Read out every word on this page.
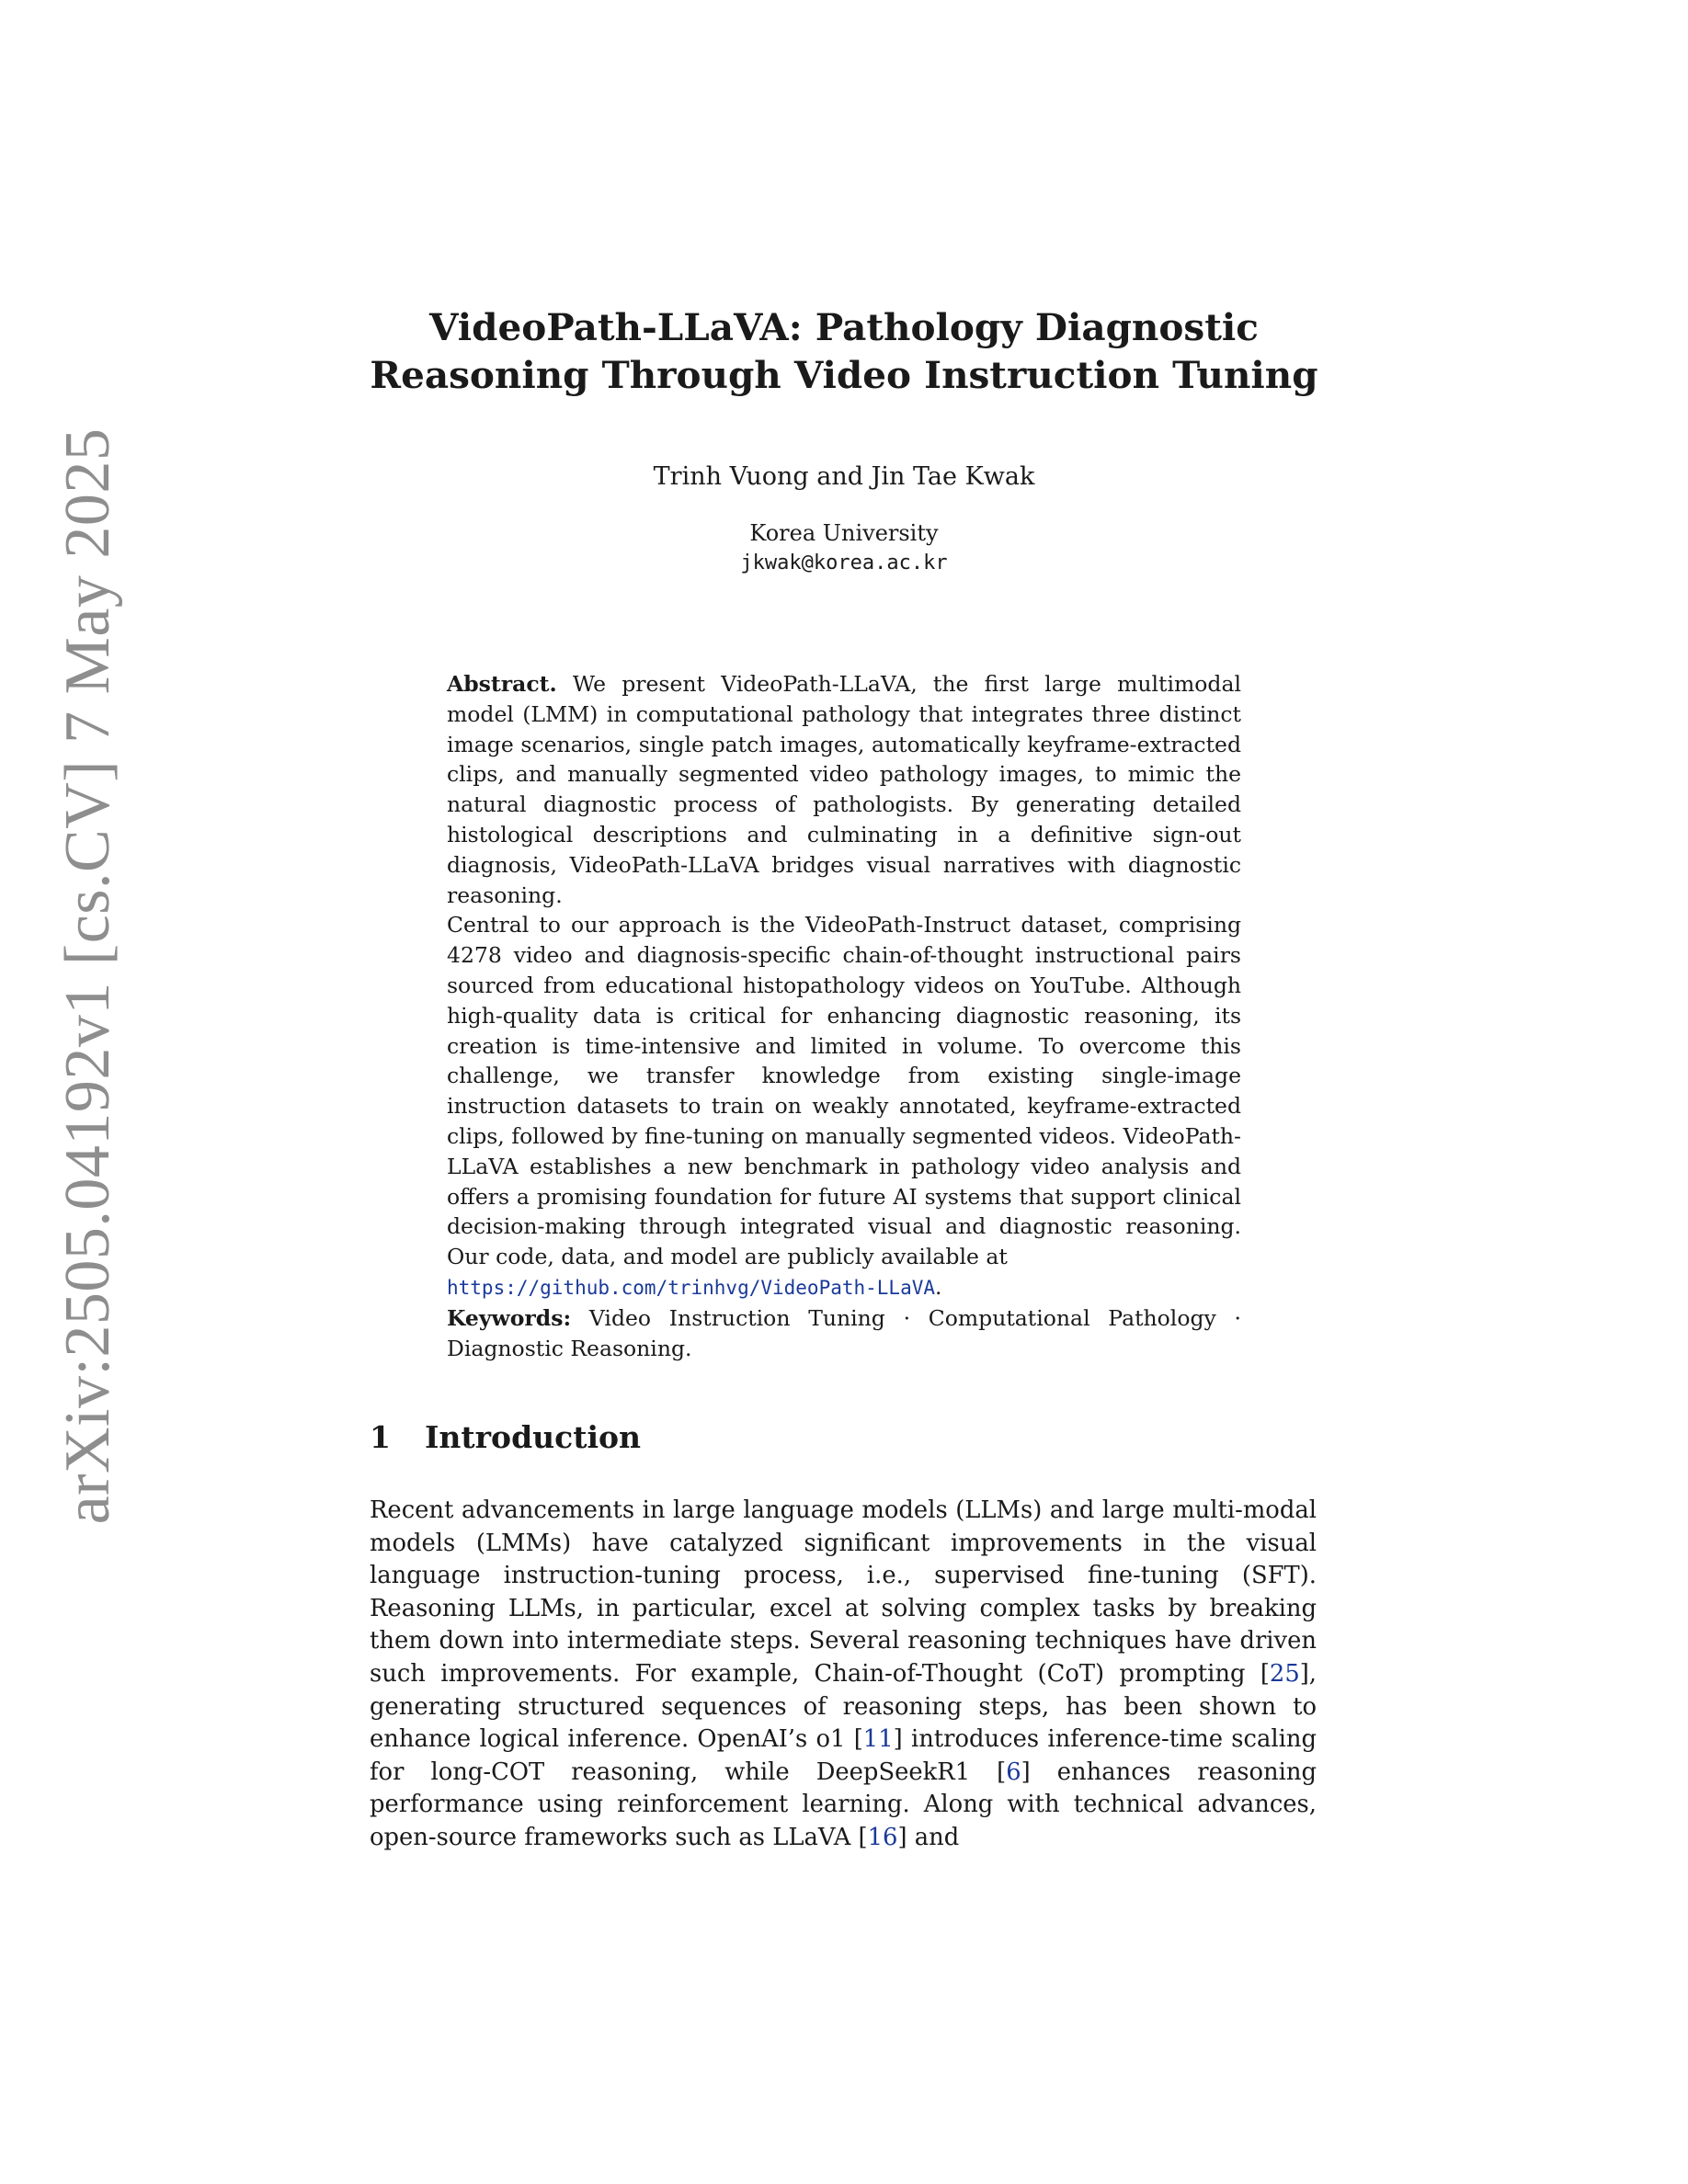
arXiv:2505.04192v1 [cs.CV] 7 May 2025
VideoPath-LLaVA: Pathology Diagnostic
Reasoning Through Video Instruction Tuning
Trinh Vuong and Jin Tae Kwak
Korea University
jkwak@korea.ac.kr

Abstract. We present VideoPath-LLaVA, the first large multimodal model (LMM) in computational pathology that integrates three distinct image scenarios, single patch images, automatically keyframe-extracted clips, and manually segmented video pathology images, to mimic the natural diagnostic process of pathologists. By generating detailed histological descriptions and culminating in a definitive sign-out diagnosis, VideoPath-LLaVA bridges visual narratives with diagnostic reasoning.

Central to our approach is the VideoPath-Instruct dataset, comprising 4278 video and diagnosis-specific chain-of-thought instructional pairs sourced from educational histopathology videos on YouTube. Although high-quality data is critical for enhancing diagnostic reasoning, its creation is time-intensive and limited in volume. To overcome this challenge, we transfer knowledge from existing single-image instruction datasets to train on weakly annotated, keyframe-extracted clips, followed by fine-tuning on manually segmented videos. VideoPath-LLaVA establishes a new benchmark in pathology video analysis and offers a promising foundation for future AI systems that support clinical decision-making through integrated visual and diagnostic reasoning. Our code, data, and model are publicly available at
https://github.com/trinhvg/VideoPath-LLaVA.

Keywords: Video Instruction Tuning · Computational Pathology · Diagnostic Reasoning.
1 Introduction

Recent advancements in large language models (LLMs) and large multi-modal models (LMMs) have catalyzed significant improvements in the visual language instruction-tuning process, i.e., supervised fine-tuning (SFT). Reasoning LLMs, in particular, excel at solving complex tasks by breaking them down into intermediate steps. Several reasoning techniques have driven such improvements. For example, Chain-of-Thought (CoT) prompting [25], generating structured sequences of reasoning steps, has been shown to enhance logical inference. OpenAI’s o1 [11] introduces inference-time scaling for long-COT reasoning, while DeepSeekR1 [6] enhances reasoning performance using reinforcement learning. Along with technical advances, open-source frameworks such as LLaVA [16] and
